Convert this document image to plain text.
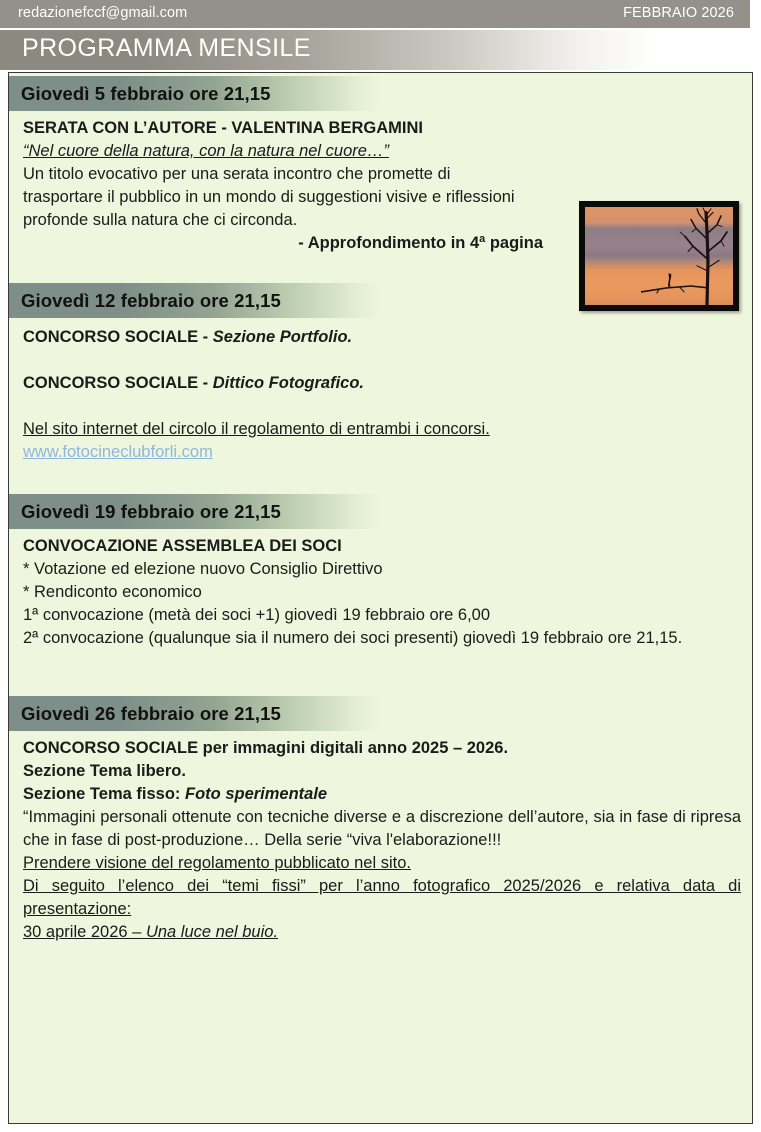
redazionefccf@gmail.com	FEBBRAIO 2026
PROGRAMMA MENSILE
Giovedì 5 febbraio ore 21,15
SERATA CON L’AUTORE - VALENTINA BERGAMINI
“Nel cuore della natura, con la natura nel cuore…”
Un titolo evocativo per una serata incontro che promette di
trasportare il pubblico in un mondo di suggestioni visive e riflessioni
profonde sulla natura che ci circonda.
- Approfondimento in 4ª pagina
Giovedì 12 febbraio ore 21,15
CONCORSO SOCIALE - Sezione Portfolio.
CONCORSO SOCIALE - Dittico Fotografico.
Nel sito internet del circolo il regolamento di entrambi i concorsi.
www.fotocineclubforli.com
Giovedì 19 febbraio ore 21,15
CONVOCAZIONE ASSEMBLEA DEI SOCI
* Votazione ed elezione nuovo Consiglio Direttivo
* Rendiconto economico
1ª convocazione (metà dei soci +1) giovedì 19 febbraio ore 6,00
2ª convocazione (qualunque sia il numero dei soci presenti) giovedì 19 febbraio ore 21,15.
Giovedì 26 febbraio ore 21,15
CONCORSO SOCIALE per immagini digitali anno 2025 – 2026.
Sezione Tema libero.
Sezione Tema fisso: Foto sperimentale
“Immagini personali ottenute con tecniche diverse e a discrezione dell’autore, sia in fase di ripresa che in fase di post-produzione… Della serie “viva l'elaborazione!!!
Prendere visione del regolamento pubblicato nel sito.
Di seguito l’elenco dei “temi fissi” per l’anno fotografico 2025/2026 e relativa data di presentazione:
30 aprile 2026 – Una luce nel buio.
